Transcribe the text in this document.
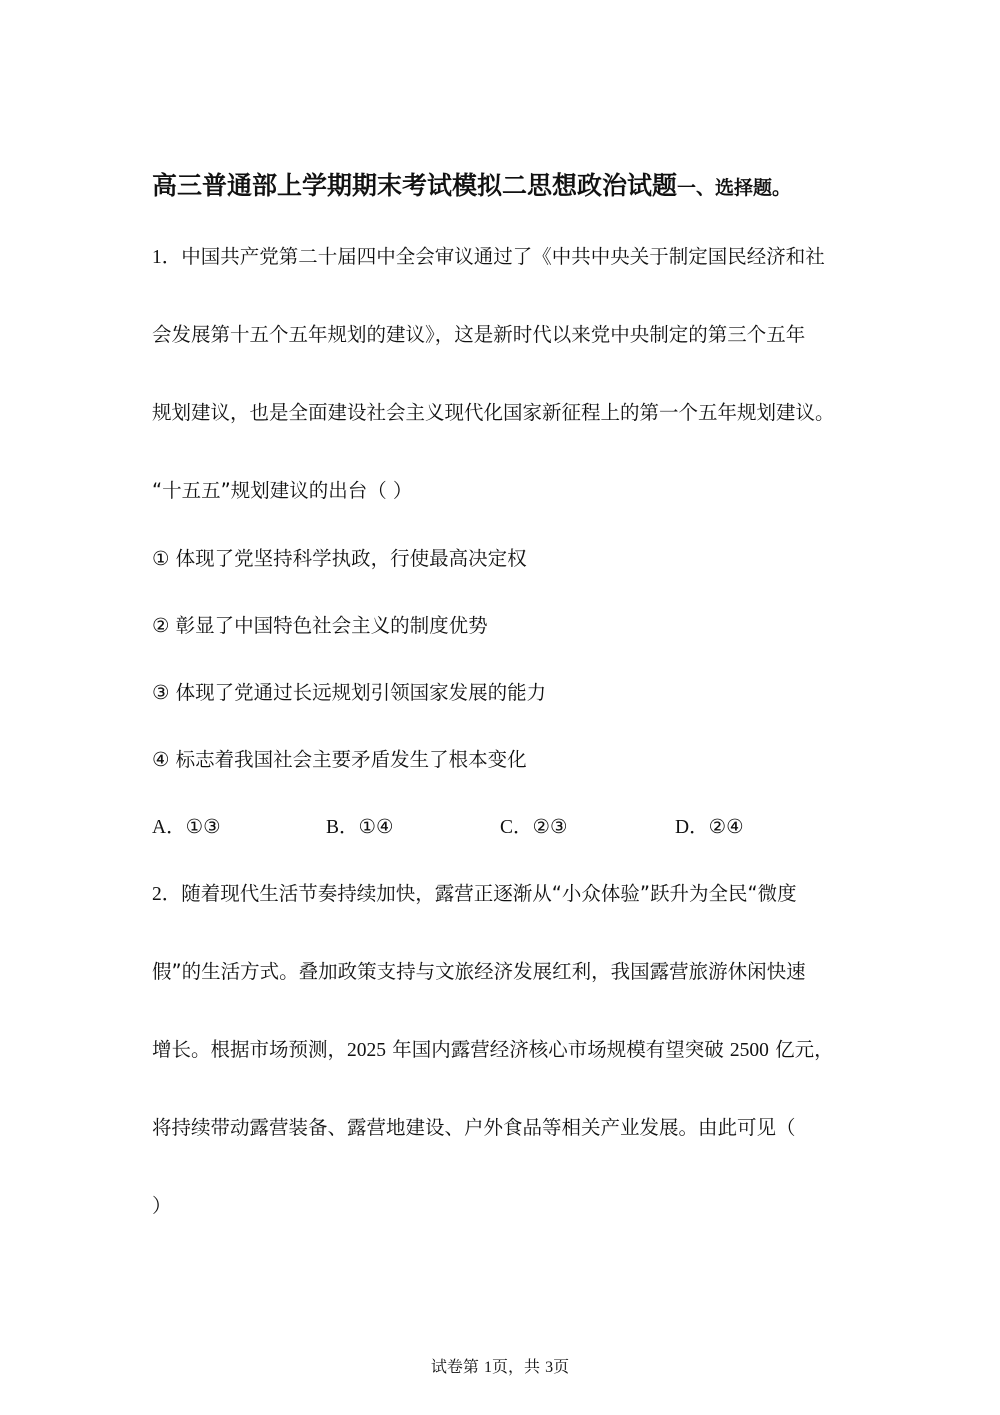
高三普通部上学期期末考试模拟二思想政治试题一、选择题。
1．中国共产党第二十届四中全会审议通过了《中共中央关于制定国民经济和社
会发展第十五个五年规划的建议》，这是新时代以来党中央制定的第三个五年
规划建议，也是全面建设社会主义现代化国家新征程上的第一个五年规划建议。
“十五五”规划建议的出台（ ）
① 体现了党坚持科学执政，行使最高决定权
② 彰显了中国特色社会主义的制度优势
③ 体现了党通过长远规划引领国家发展的能力
④ 标志着我国社会主要矛盾发生了根本变化
A．①③	B．①④	C．②③	D．②④
2．随着现代生活节奏持续加快，露营正逐渐从“小众体验”跃升为全民“微度
假”的生活方式。叠加政策支持与文旅经济发展红利，我国露营旅游休闲快速
增长。根据市场预测，2025 年国内露营经济核心市场规模有望突破 2500 亿元，
将持续带动露营装备、露营地建设、户外食品等相关产业发展。由此可见（
）
试卷第 1页，共 3页
